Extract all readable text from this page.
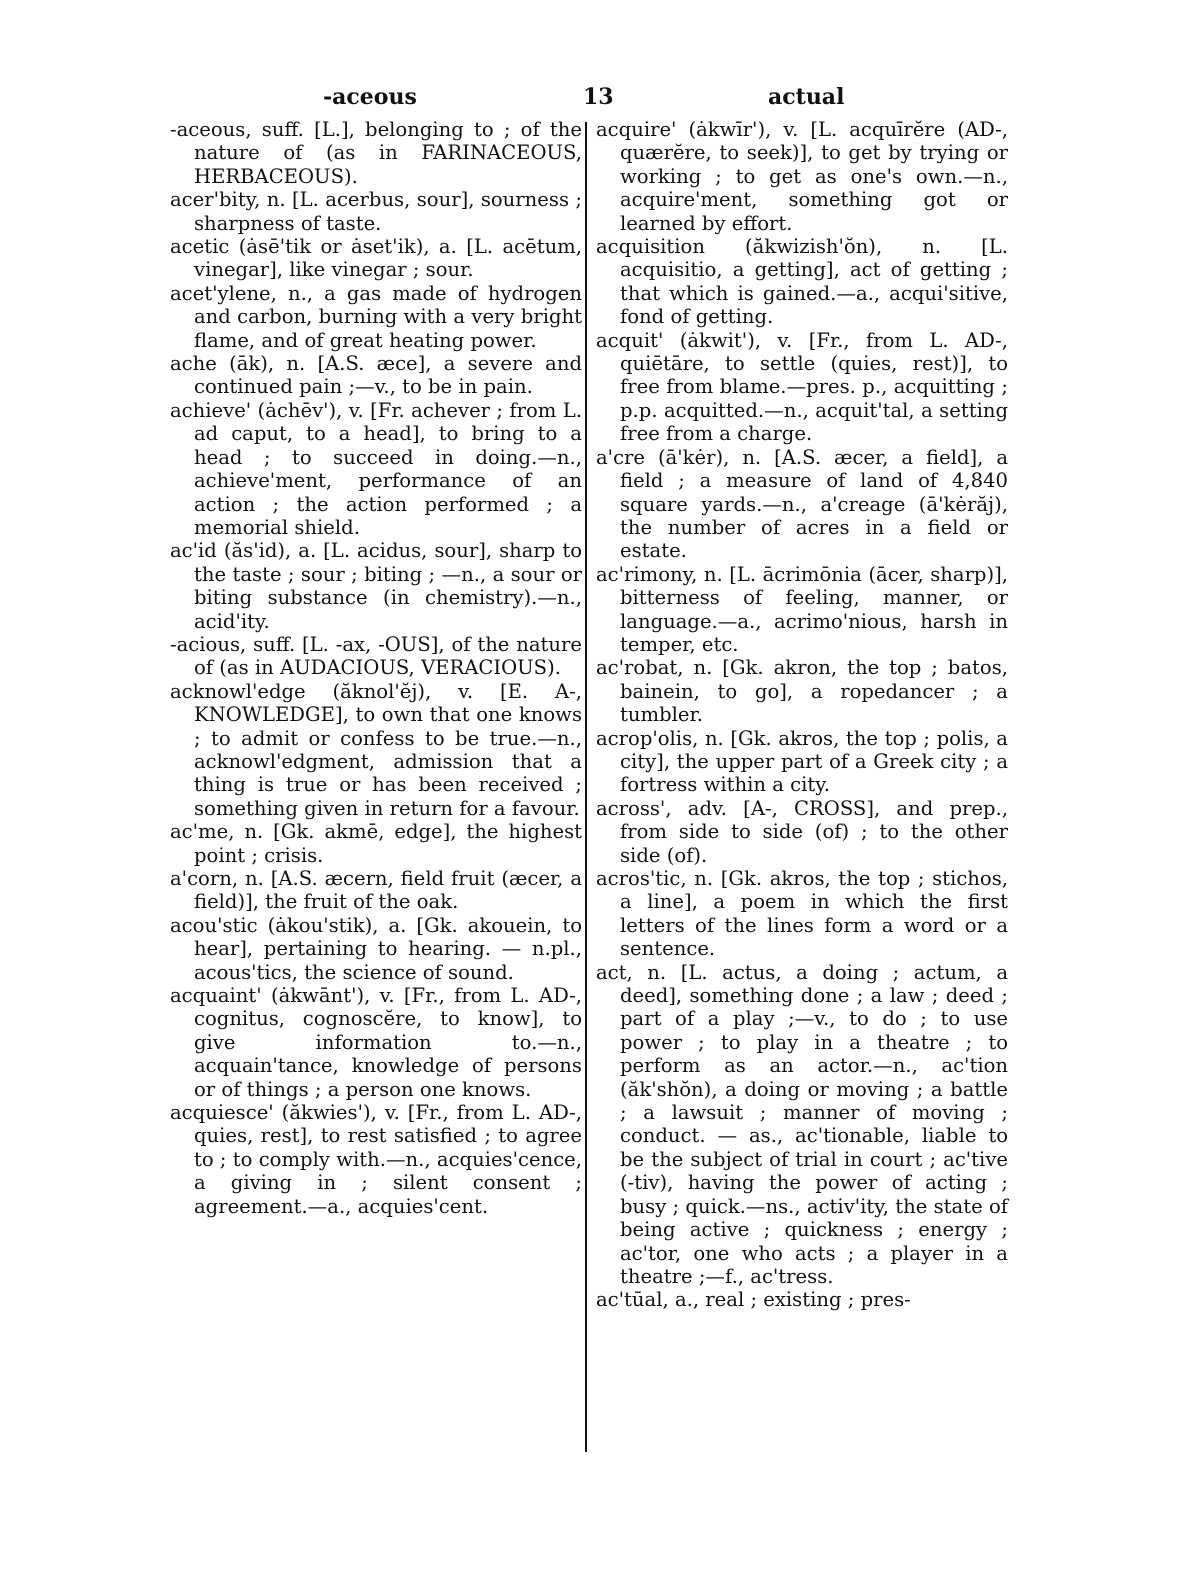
-aceous	13	actual

-aceous, suff. [L.], belonging to ; of the nature of (as in FARINACEOUS, HERBACEOUS).

acer'bity, n. [L. acerbus, sour], sourness ; sharpness of taste.

acetic (ȧsē'tik or ȧset'ik), a. [L. acētum, vinegar], like vinegar ; sour.

acet'ylene, n., a gas made of hydrogen and carbon, burning with a very bright flame, and of great heating power.

ache (āk), n. [A.S. æce], a severe and continued pain ;—v., to be in pain.

achieve' (ȧchēv'), v. [Fr. achever ; from L. ad caput, to a head], to bring to a head ; to succeed in doing.—n., achieve'ment, performance of an action ; the action performed ; a memorial shield.

ac'id (ăs'id), a. [L. acidus, sour], sharp to the taste ; sour ; biting ; —n., a sour or biting substance (in chemistry).—n., acid'ity.

-acious, suff. [L. -ax, -OUS], of the nature of (as in AUDACIOUS, VERACIOUS).

acknowl'edge (ăknol'ĕj), v. [E. A-, KNOWLEDGE], to own that one knows ; to admit or confess to be true.—n., acknowl'edgment, admission that a thing is true or has been received ; something given in return for a favour.

ac'me, n. [Gk. akmē, edge], the highest point ; crisis.

a'corn, n. [A.S. æcern, field fruit (æcer, a field)], the fruit of the oak.

acou'stic (ȧkou'stik), a. [Gk. akouein, to hear], pertaining to hearing. — n.pl., acous'tics, the science of sound.

acquaint' (ȧkwānt'), v. [Fr., from L. AD-, cognitus, cognoscĕre, to know], to give information to.—n., acquain'tance, knowledge of persons or of things ; a person one knows.

acquiesce' (ăkwies'), v. [Fr., from L. AD-, quies, rest], to rest satisfied ; to agree to ; to comply with.—n., acquies'cence, a giving in ; silent consent ; agreement.—a., acquies'cent.

acquire' (ȧkwīr'), v. [L. acquīrĕre (AD-, quærĕre, to seek)], to get by trying or working ; to get as one's own.—n., acquire'ment, something got or learned by effort.

acquisition (ăkwizish'ŏn), n. [L. acquisitio, a getting], act of getting ; that which is gained.—a., acqui'sitive, fond of getting.

acquit' (ȧkwit'), v. [Fr., from L. AD-, quiētāre, to settle (quies, rest)], to free from blame.—pres. p., acquitting ; p.p. acquitted.—n., acquit'tal, a setting free from a charge.

a'cre (ā'kėr), n. [A.S. æcer, a field], a field ; a measure of land of 4,840 square yards.—n., a'creage (ā'kėrăj), the number of acres in a field or estate.

ac'rimony, n. [L. ācrimōnia (ācer, sharp)], bitterness of feeling, manner, or language.—a., acrimo'nious, harsh in temper, etc.

ac'robat, n. [Gk. akron, the top ; batos, bainein, to go], a ropedancer ; a tumbler.

acrop'olis, n. [Gk. akros, the top ; polis, a city], the upper part of a Greek city ; a fortress within a city.

across', adv. [A-, CROSS], and prep., from side to side (of) ; to the other side (of).

acros'tic, n. [Gk. akros, the top ; stichos, a line], a poem in which the first letters of the lines form a word or a sentence.

act, n. [L. actus, a doing ; actum, a deed], something done ; a law ; deed ; part of a play ;—v., to do ; to use power ; to play in a theatre ; to perform as an actor.—n., ac'tion (ăk'shŏn), a doing or moving ; a battle ; a lawsuit ; manner of moving ; conduct. — as., ac'tionable, liable to be the subject of trial in court ; ac'tive (-tiv), having the power of acting ; busy ; quick.—ns., activ'ity, the state of being active ; quickness ; energy ; ac'tor, one who acts ; a player in a theatre ;—f., ac'tress.

ac'tūal, a., real ; existing ; pres-
